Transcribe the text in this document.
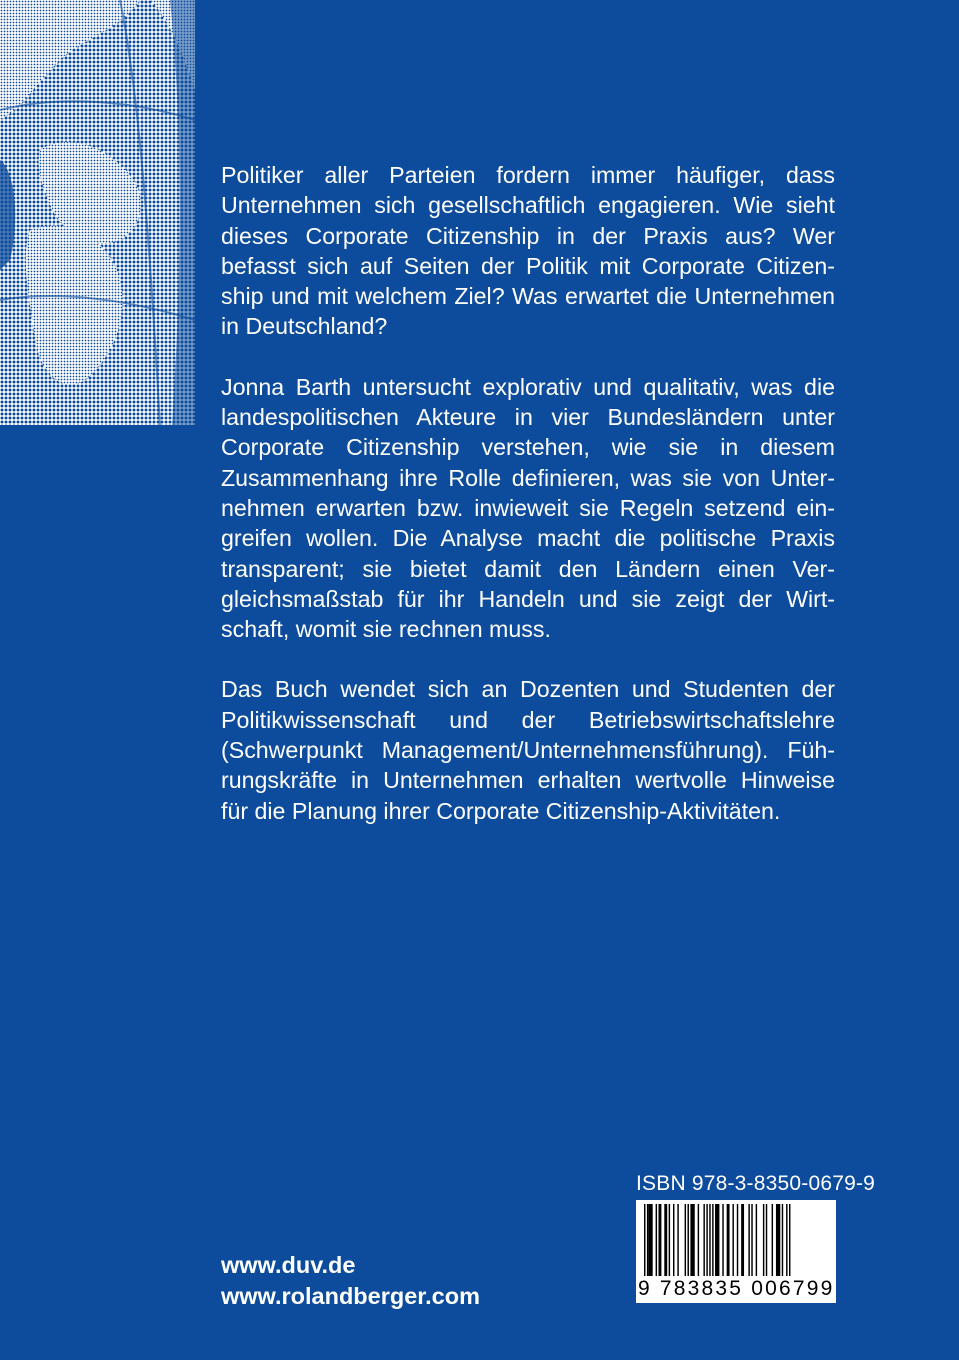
Politiker aller Parteien fordern immer häufiger, dass
Unternehmen sich gesellschaftlich engagieren. Wie sieht
dieses Corporate Citizenship in der Praxis aus? Wer
befasst sich auf Seiten der Politik mit Corporate Citizen-
ship und mit welchem Ziel? Was erwartet die Unternehmen
in Deutschland?

Jonna Barth untersucht explorativ und qualitativ, was die
landespolitischen Akteure in vier Bundesländern unter
Corporate Citizenship verstehen, wie sie in diesem
Zusammenhang ihre Rolle definieren, was sie von Unter-
nehmen erwarten bzw. inwieweit sie Regeln setzend ein-
greifen wollen. Die Analyse macht die politische Praxis
transparent; sie bietet damit den Ländern einen Ver-
gleichsmaßstab für ihr Handeln und sie zeigt der Wirt-
schaft, womit sie rechnen muss.

Das Buch wendet sich an Dozenten und Studenten der
Politikwissenschaft und der Betriebswirtschaftslehre
(Schwerpunkt Management/Unternehmensführung). Füh-
rungskräfte in Unternehmen erhalten wertvolle Hinweise
für die Planung ihrer Corporate Citizenship-Aktivitäten.

ISBN 978-3-8350-0679-9
9 783835 006799
www.duv.de
www.rolandberger.com
